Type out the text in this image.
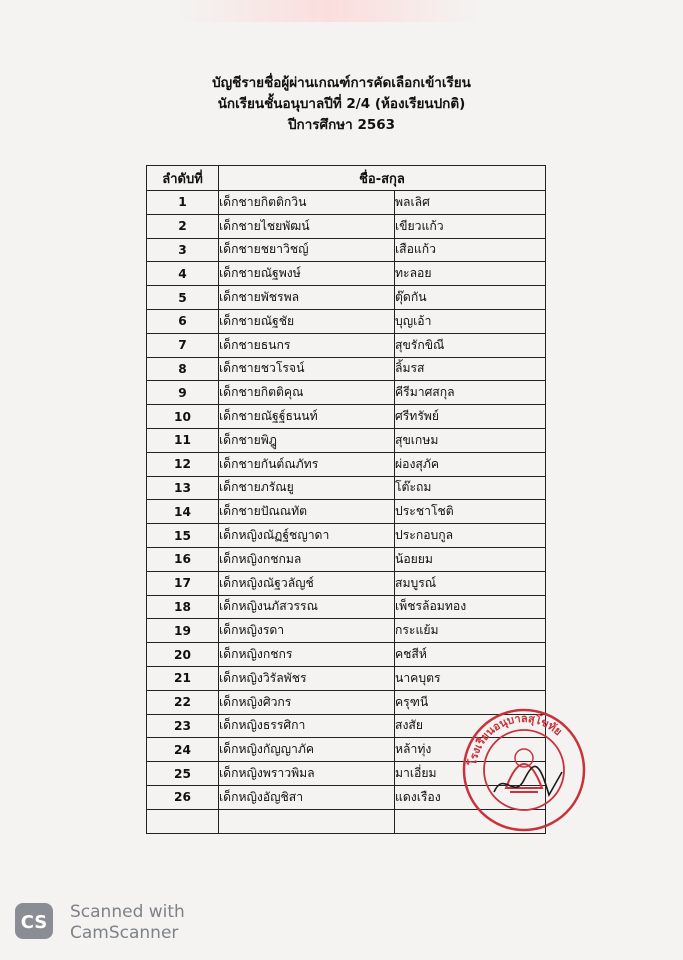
บัญชีรายชื่อผู้ผ่านเกณฑ์การคัดเลือกเข้าเรียน
นักเรียนชั้นอนุบาลปีที่ 2/4 (ห้องเรียนปกติ)
ปีการศึกษา 2563
ลำดับที่	ชื่อ-สกุล	
1	เด็กชายกิตติกวิน	พลเลิศ
2	เด็กชายไชยพัฒน์	เขียวแก้ว
3	เด็กชายชยาวิชญ์	เสือแก้ว
4	เด็กชายณัฐพงษ์	ทะลอย
5	เด็กชายพัชรพล	ตุ๊ดกัน
6	เด็กชายณัฐชัย	บุญเอ้า
7	เด็กชายธนกร	สุขรักขิณี
8	เด็กชายชวโรจน์	ลิ้มรส
9	เด็กชายกิตติคุณ	คีรีมาศสกุล
10	เด็กชายณัฐฐ์ธนนท์	ศรีทรัพย์
11	เด็กชายพิฎู	สุขเกษม
12	เด็กชายกันต์ณภัทร	ผ่องสุภัค
13	เด็กชายภรัณยู	โต๊ะถม
14	เด็กชายปัณณทัต	ประชาโชติ
15	เด็กหญิงณัฏฐ์ชญาดา	ประกอบกูล
16	เด็กหญิงกชกมล	น้อยยม
17	เด็กหญิงณัฐวลัญช์	สมบูรณ์
18	เด็กหญิงนภัสวรรณ	เพ็ชรล้อมทอง
19	เด็กหญิงรดา	กระแย้ม
20	เด็กหญิงกชกร	คชสีห์
21	เด็กหญิงวิรัลพัชร	นาคบุตร
22	เด็กหญิงศิวกร	ครุฑนี
23	เด็กหญิงธรรศิกา	สงสัย
24	เด็กหญิงกัญญาภัค	หล้าทุ่ง
25	เด็กหญิงพราวพิมล	มาเอี่ยม
26	เด็กหญิงอัญชิสา	แดงเรือง

โรงเรียนอนุบาลสุโขทัย
CS Scanned with
CamScanner
